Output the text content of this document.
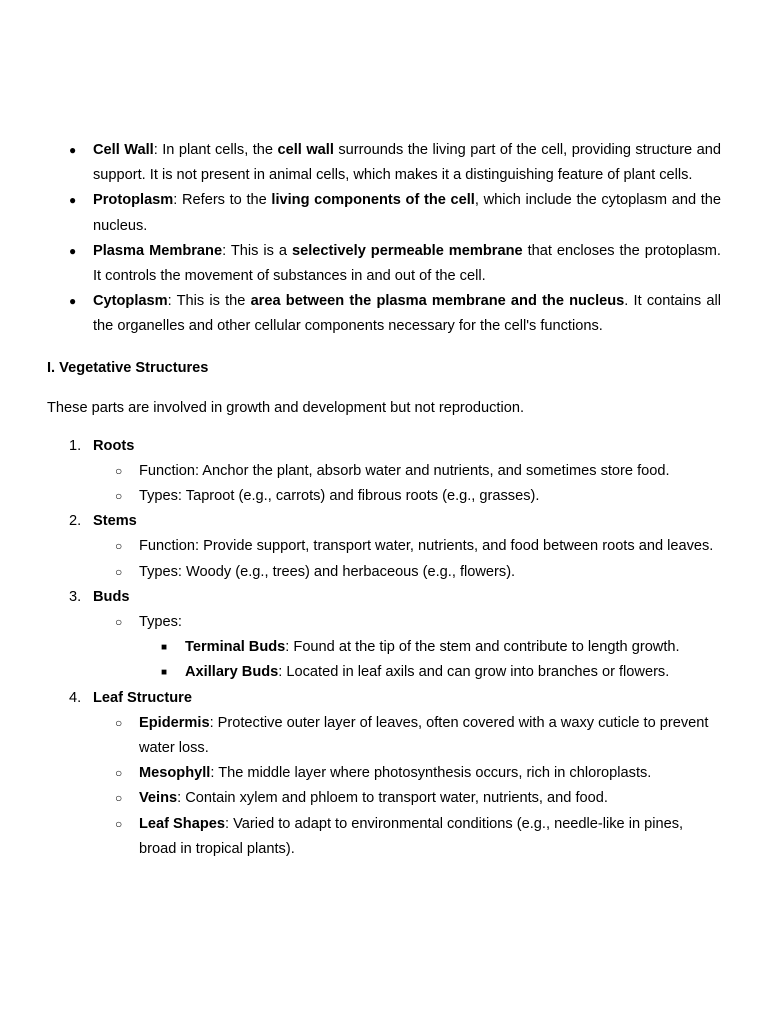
● Cell Wall: In plant cells, the cell wall surrounds the living part of the cell, providing structure and support. It is not present in animal cells, which makes it a distinguishing feature of plant cells.
● Protoplasm: Refers to the living components of the cell, which include the cytoplasm and the nucleus.
● Plasma Membrane: This is a selectively permeable membrane that encloses the protoplasm. It controls the movement of substances in and out of the cell.
● Cytoplasm: This is the area between the plasma membrane and the nucleus. It contains all the organelles and other cellular components necessary for the cell's functions.
I. Vegetative Structures
These parts are involved in growth and development but not reproduction.
1. Roots
○ Function: Anchor the plant, absorb water and nutrients, and sometimes store food.
○ Types: Taproot (e.g., carrots) and fibrous roots (e.g., grasses).
2. Stems
○ Function: Provide support, transport water, nutrients, and food between roots and leaves.
○ Types: Woody (e.g., trees) and herbaceous (e.g., flowers).
3. Buds
○ Types:
■ Terminal Buds: Found at the tip of the stem and contribute to length growth.
■ Axillary Buds: Located in leaf axils and can grow into branches or flowers.
4. Leaf Structure
○ Epidermis: Protective outer layer of leaves, often covered with a waxy cuticle to prevent water loss.
○ Mesophyll: The middle layer where photosynthesis occurs, rich in chloroplasts.
○ Veins: Contain xylem and phloem to transport water, nutrients, and food.
○ Leaf Shapes: Varied to adapt to environmental conditions (e.g., needle-like in pines, broad in tropical plants).
